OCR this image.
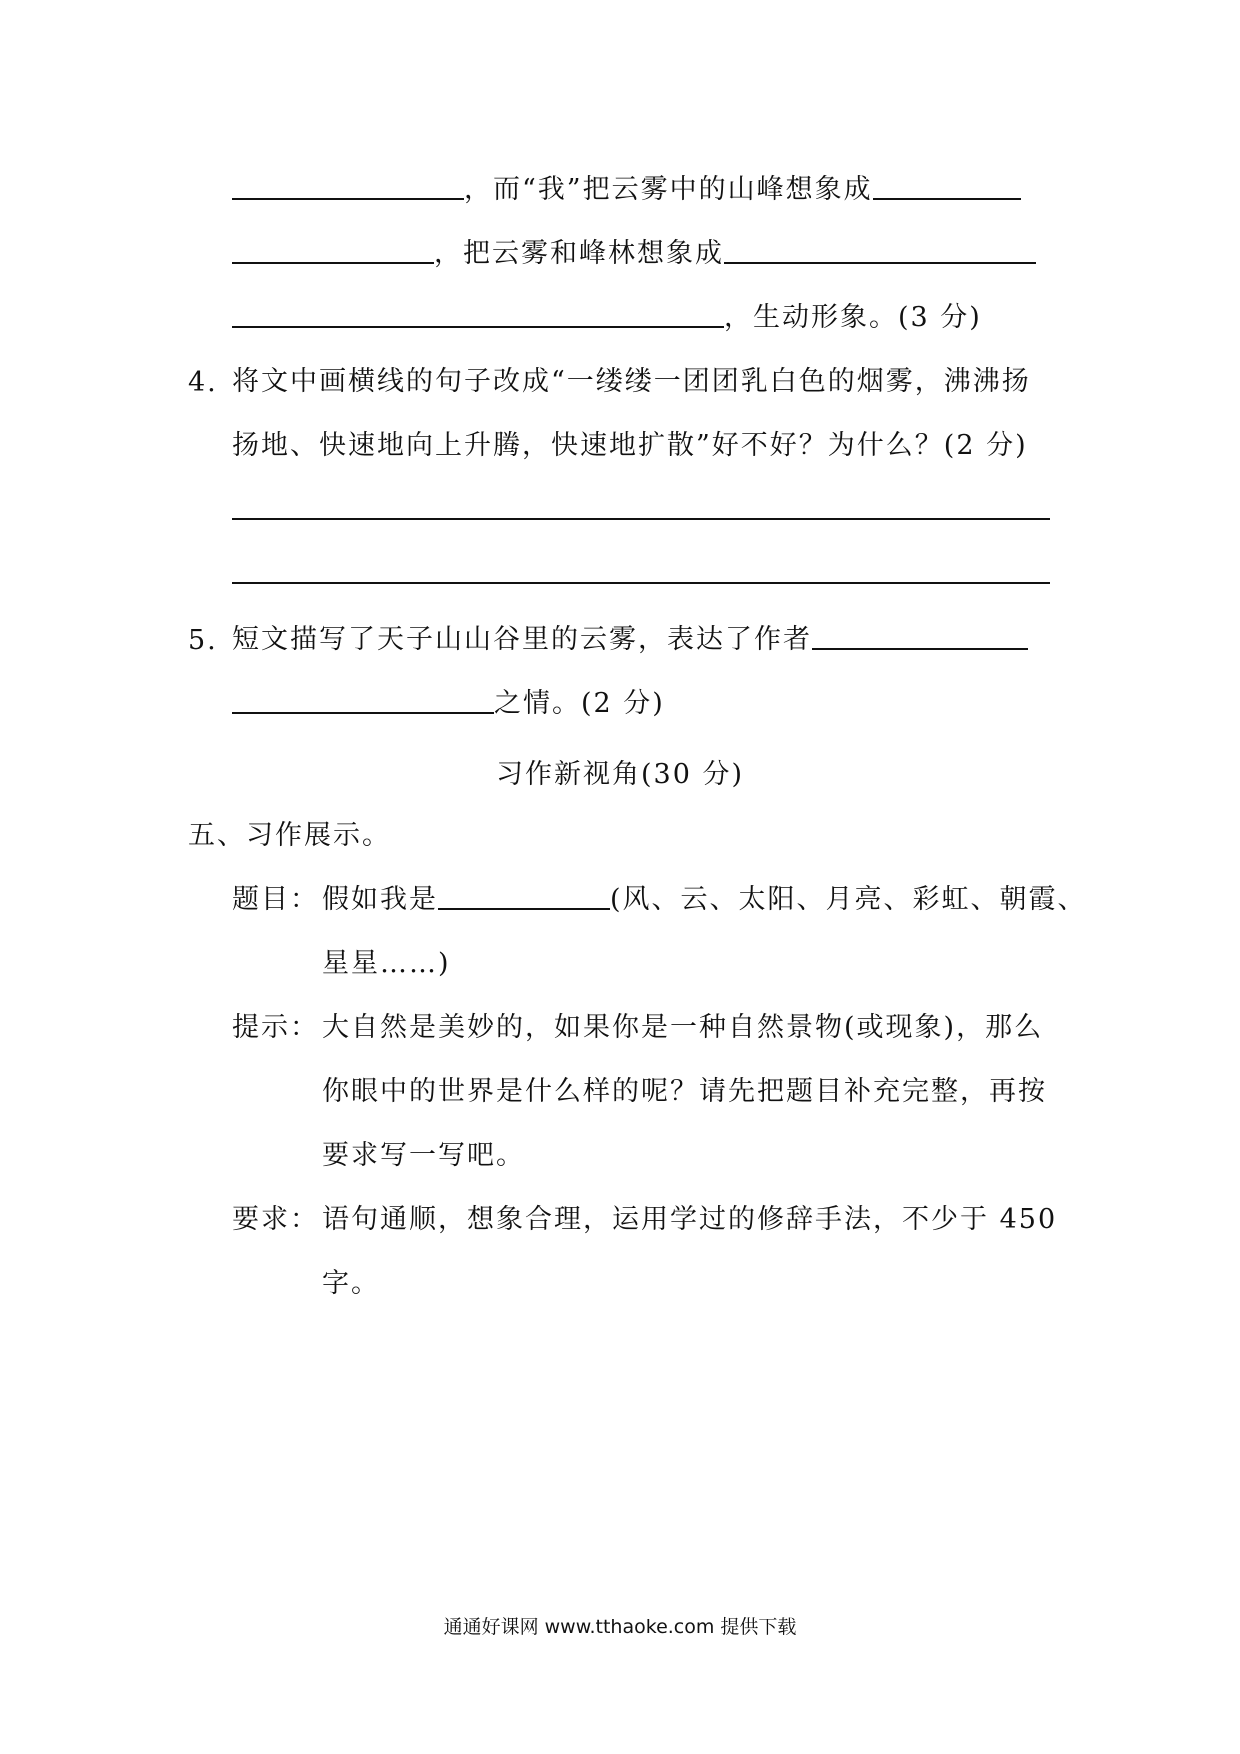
，而“我”把云雾中的山峰想象成
，把云雾和峰林想象成
，生动形象。(3 分)
4. 将文中画横线的句子改成“一缕缕一团团乳白色的烟雾，沸沸扬
扬地、快速地向上升腾，快速地扩散”好不好？为什么？(2 分)
5. 短文描写了天子山山谷里的云雾，表达了作者
之情。(2 分)
习作新视角(30 分)
五、习作展示。
题目： 假如我是	(风、云、太阳、月亮、彩虹、朝霞、
星星……)
提示： 大自然是美妙的，如果你是一种自然景物(或现象)，那么
你眼中的世界是什么样的呢？请先把题目补充完整，再按
要求写一写吧。
要求： 语句通顺，想象合理，运用学过的修辞手法，不少于 450
字。
通通好课网 www.tthaoke.com 提供下载
